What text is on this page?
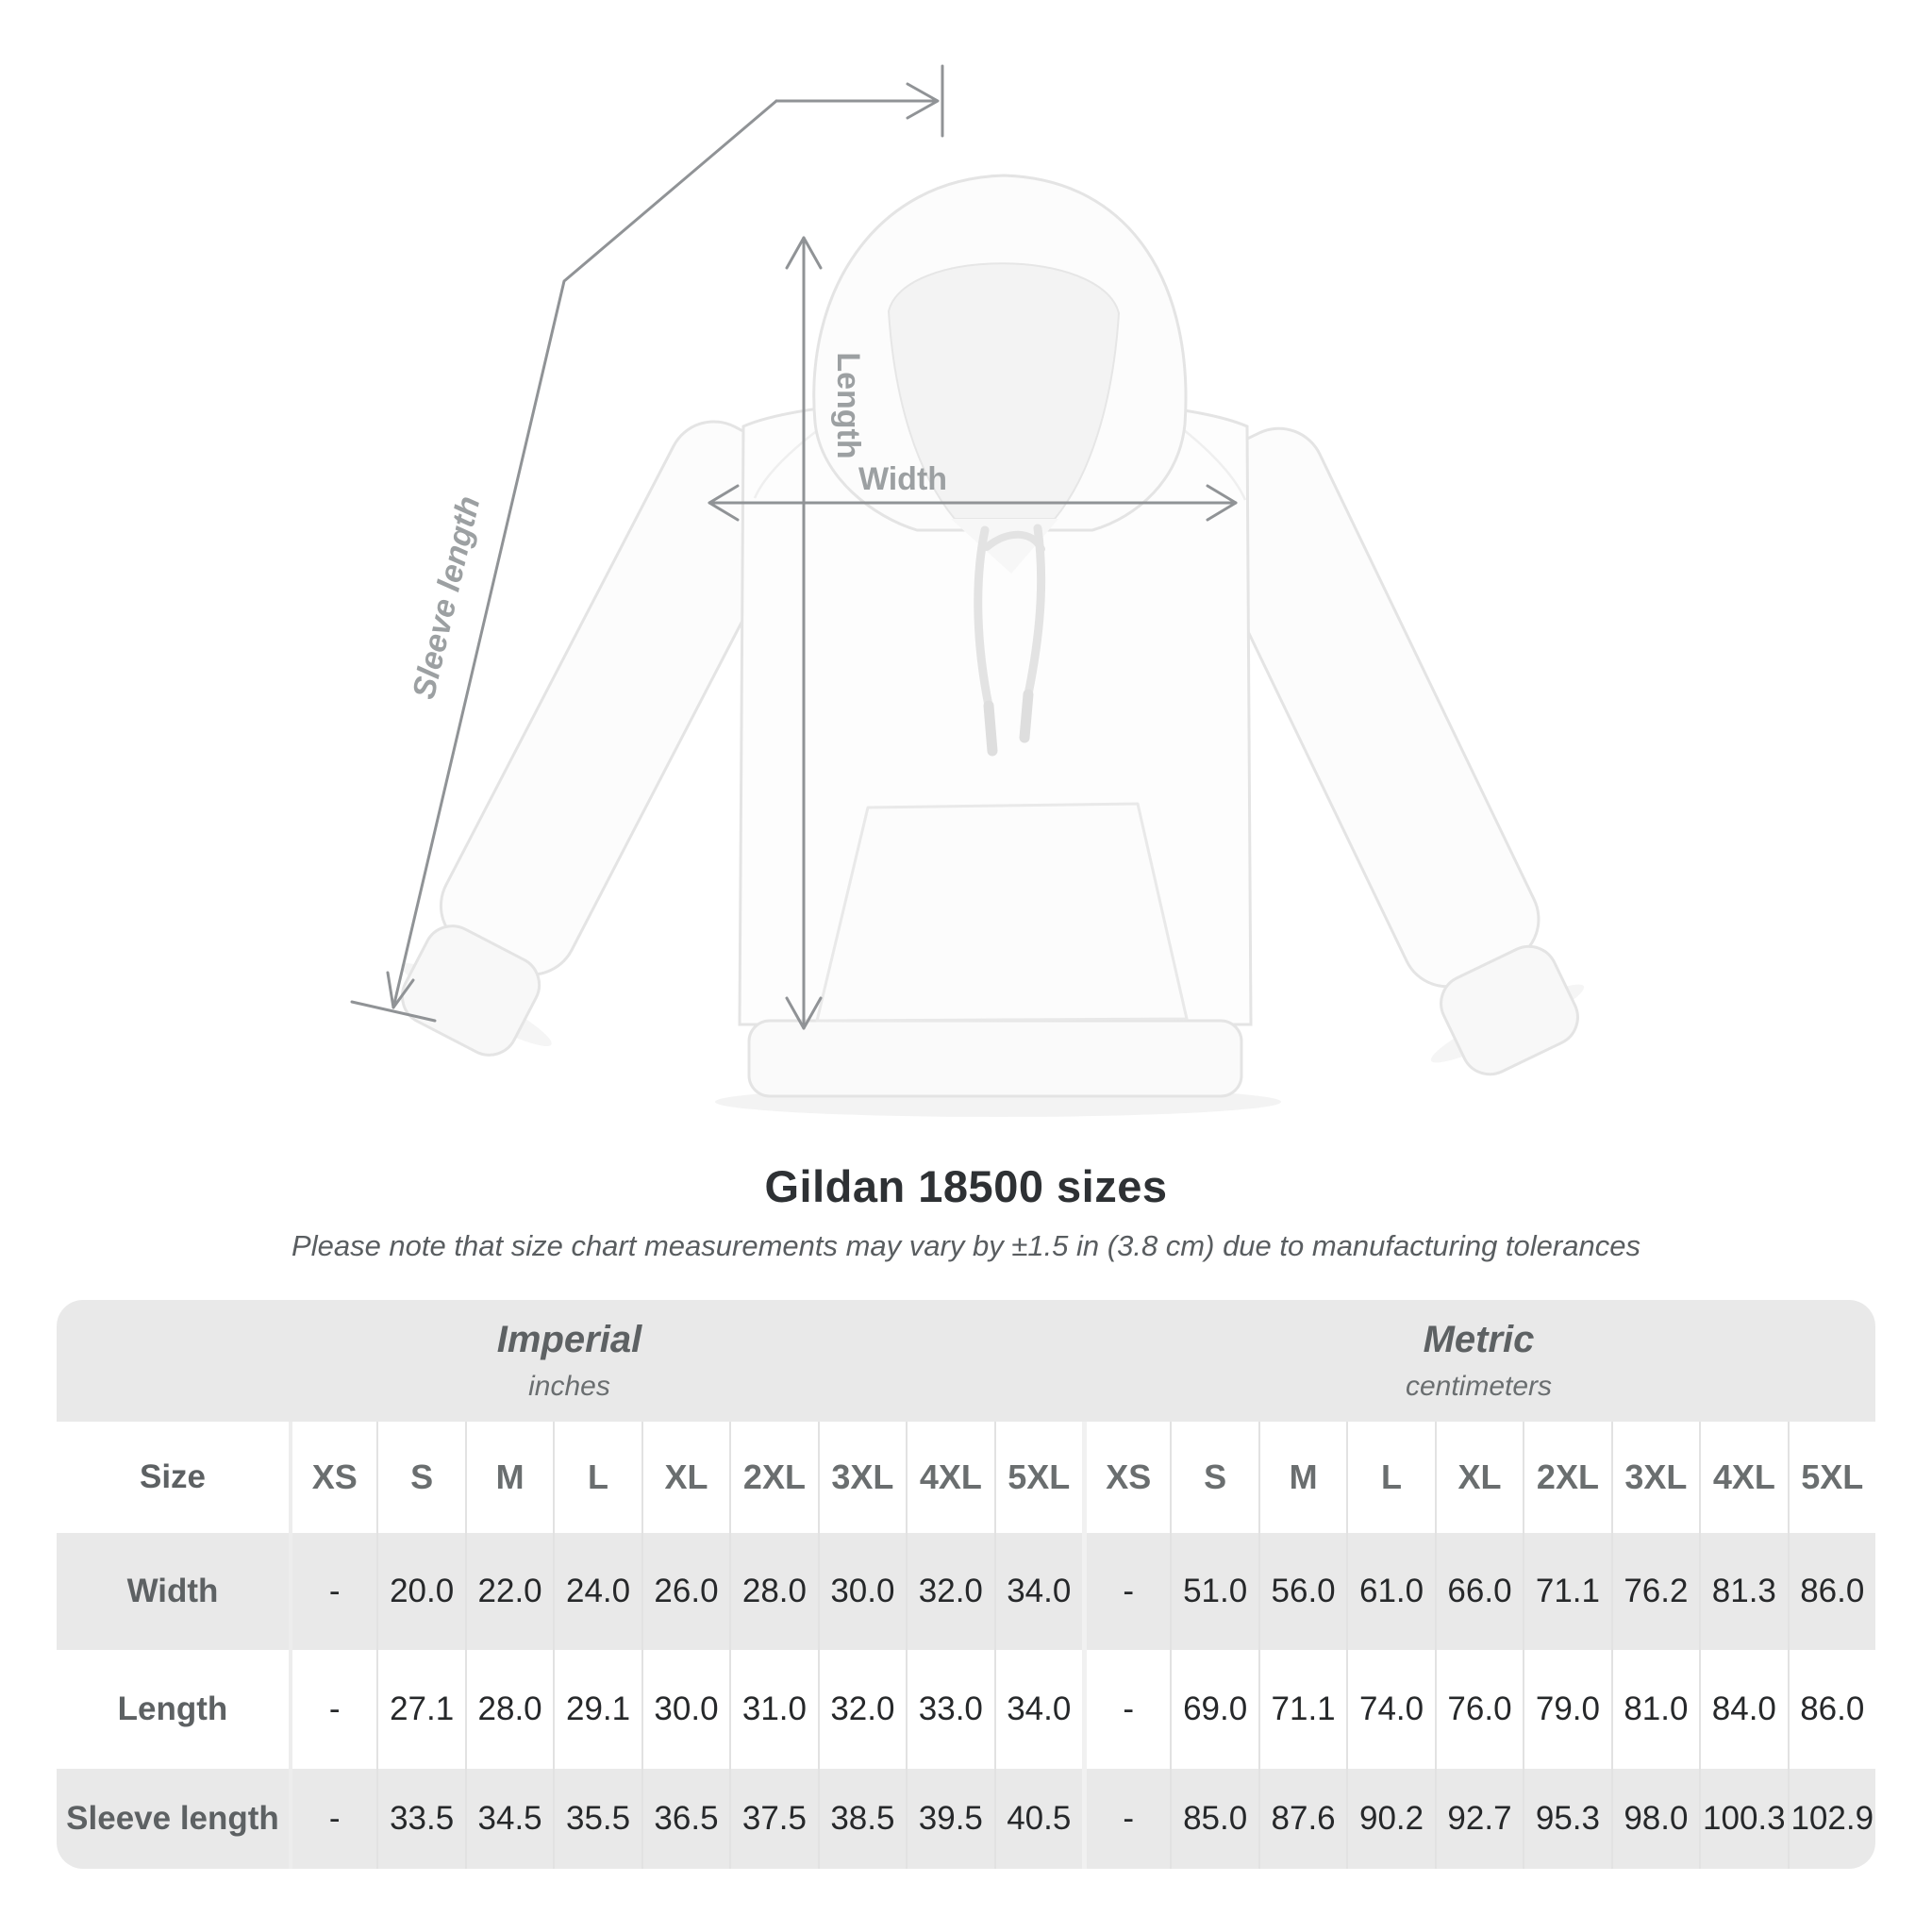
Width
Length
Sleeve length
Gildan 18500 sizes
Please note that size chart measurements may vary by ±1.5 in (3.8 cm) due to manufacturing tolerances
Imperial
inches
Metric
centimeters
Size	XS	S	M	L	XL	2XL 3XL 4XL 5XL	XS	S	M	L	XL	2XL 3XL 4XL 5XL
Width	-	20.0 22.0 24.0 26.0 28.0 30.0 32.0 34.0	-	51.0 56.0 61.0 66.0 71.1 76.2 81.3 86.0
Length	-	27.1 28.0 29.1 30.0 31.0 32.0 33.0 34.0	-	69.0 71.1 74.0 76.0 79.0 81.0 84.0 86.0
Sleeve length	-	33.5 34.5 35.5 36.5 37.5 38.5 39.5 40.5	-	85.0 87.6 90.2 92.7 95.3 98.0 100.3 102.9
